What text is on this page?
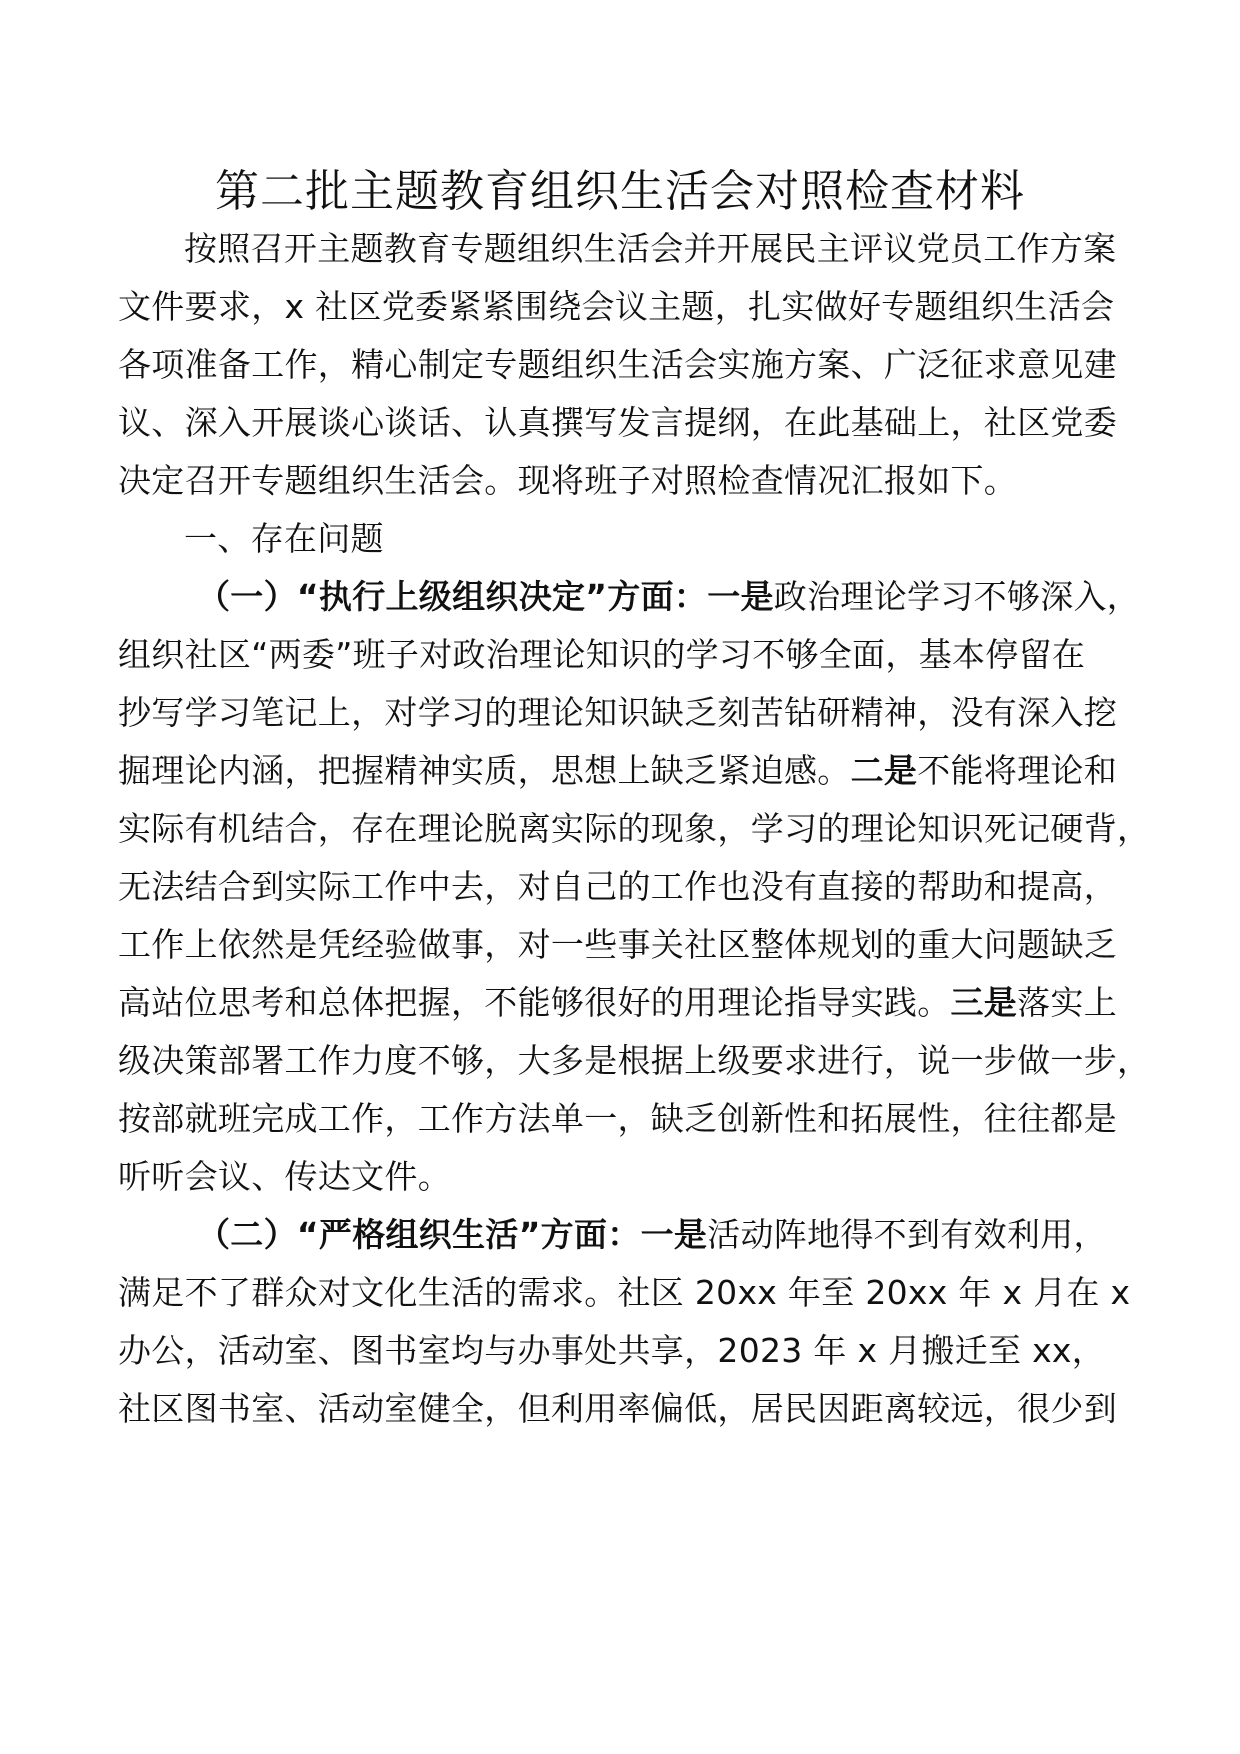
第二批主题教育组织生活会对照检查材料
按照召开主题教育专题组织生活会并开展民主评议党员工作方案
文件要求，x 社区党委紧紧围绕会议主题，扎实做好专题组织生活会
各项准备工作，精心制定专题组织生活会实施方案、广泛征求意见建
议、深入开展谈心谈话、认真撰写发言提纲，在此基础上，社区党委
决定召开专题组织生活会。现将班子对照检查情况汇报如下。
一、存在问题
（一）“执行上级组织决定”方面：一是政治理论学习不够深入，
组织社区“两委”班子对政治理论知识的学习不够全面，基本停留在
抄写学习笔记上，对学习的理论知识缺乏刻苦钻研精神，没有深入挖
掘理论内涵，把握精神实质，思想上缺乏紧迫感。二是不能将理论和
实际有机结合，存在理论脱离实际的现象，学习的理论知识死记硬背，
无法结合到实际工作中去，对自己的工作也没有直接的帮助和提高，
工作上依然是凭经验做事，对一些事关社区整体规划的重大问题缺乏
高站位思考和总体把握，不能够很好的用理论指导实践。三是落实上
级决策部署工作力度不够，大多是根据上级要求进行，说一步做一步，
按部就班完成工作，工作方法单一，缺乏创新性和拓展性，往往都是
听听会议、传达文件。
（二）“严格组织生活”方面：一是活动阵地得不到有效利用，
满足不了群众对文化生活的需求。社区 20xx 年至 20xx 年 x 月在 x
办公，活动室、图书室均与办事处共享，2023 年 x 月搬迁至 xx，
社区图书室、活动室健全，但利用率偏低，居民因距离较远，很少到
